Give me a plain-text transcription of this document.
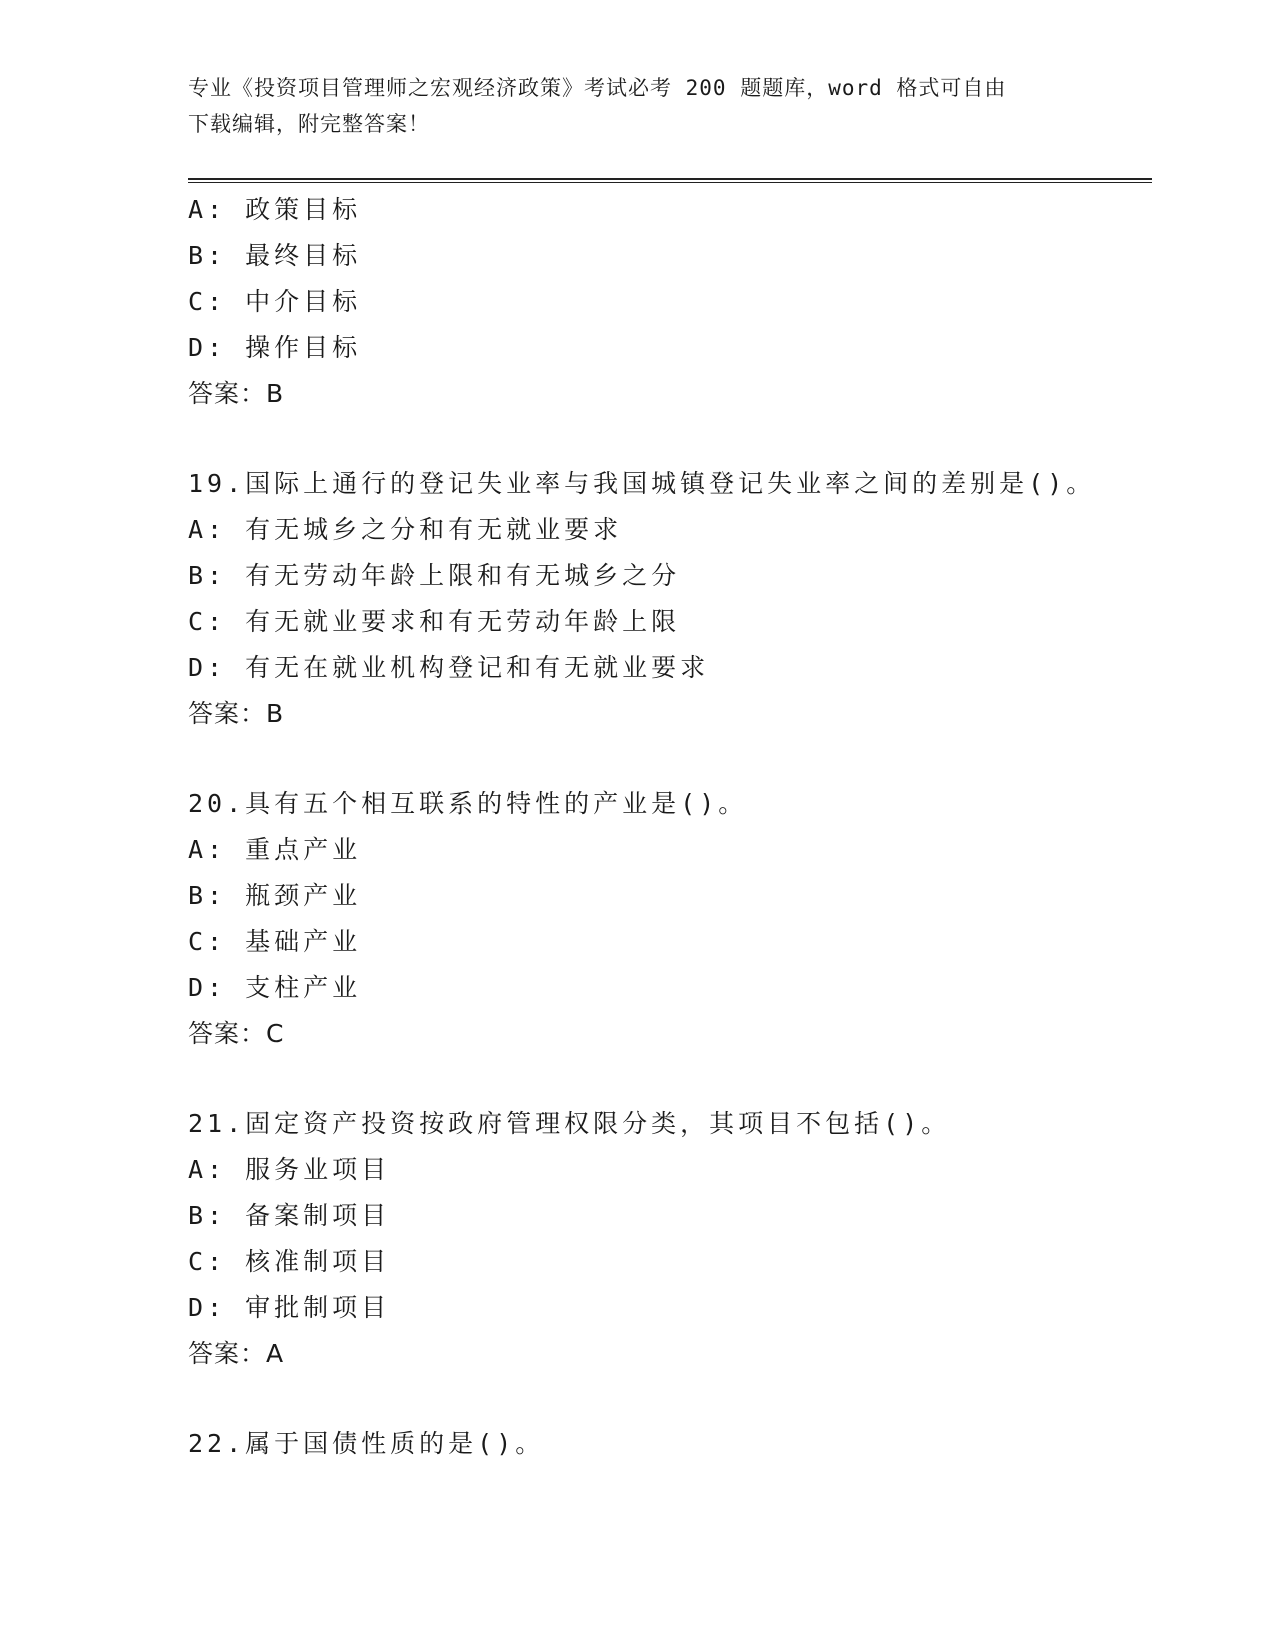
专业《投资项目管理师之宏观经济政策》考试必考 200 题题库，word 格式可自由
下载编辑，附完整答案！
A: 政策目标
B: 最终目标
C: 中介目标
D: 操作目标
答案：B
19.国际上通行的登记失业率与我国城镇登记失业率之间的差别是()。
A: 有无城乡之分和有无就业要求
B: 有无劳动年龄上限和有无城乡之分
C: 有无就业要求和有无劳动年龄上限
D: 有无在就业机构登记和有无就业要求
答案：B
20.具有五个相互联系的特性的产业是()。
A: 重点产业
B: 瓶颈产业
C: 基础产业
D: 支柱产业
答案：C
21.固定资产投资按政府管理权限分类，其项目不包括()。
A: 服务业项目
B: 备案制项目
C: 核准制项目
D: 审批制项目
答案：A
22.属于国债性质的是()。
